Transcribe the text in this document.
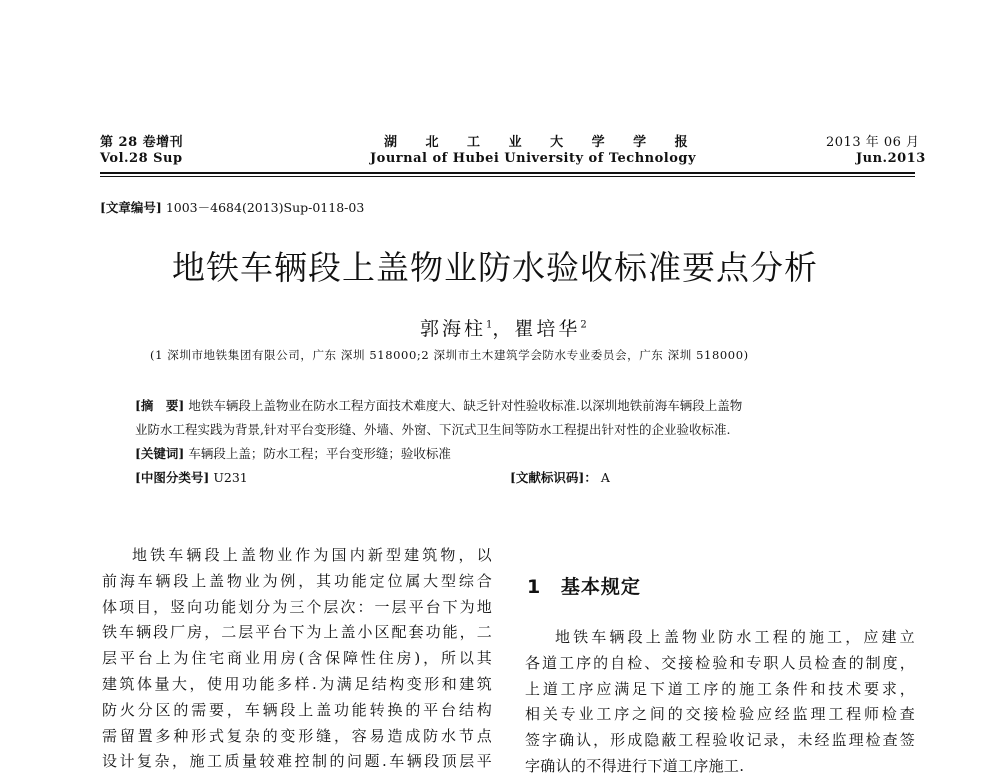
第 28 卷增刊
Vol.28 Sup
湖 北 工 业 大 学 学 报
Journal of Hubei University of Technology
2013 年 06 月
Jun.2013
[文章编号] 1003－4684(2013)Sup-0118-03
地铁车辆段上盖物业防水验收标准要点分析
郭海柱$^1$，瞿培华$^2$
(1 深圳市地铁集团有限公司，广东 深圳 518000;2 深圳市土木建筑学会防水专业委员会，广东 深圳 518000)
[摘　要] 地铁车辆段上盖物业在防水工程方面技术难度大、缺乏针对性验收标准.以深圳地铁前海车辆段上盖物
业防水工程实践为背景,针对平台变形缝、外墙、外窗、下沉式卫生间等防水工程提出针对性的企业验收标准.
[关键词] 车辆段上盖；防水工程；平台变形缝；验收标准
[中图分类号] U231	[文献标识码]： A

地铁车辆段上盖物业作为国内新型建筑物，以

前海车辆段上盖物业为例，其功能定位属大型综合

体项目，竖向功能划分为三个层次：一层平台下为地

铁车辆段厂房，二层平台下为上盖小区配套功能，二

层平台上为住宅商业用房(含保障性住房)，所以其

建筑体量大，使用功能多样.为满足结构变形和建筑

防火分区的需要，车辆段上盖功能转换的平台结构

需留置多种形式复杂的变形缝，容易造成防水节点

设计复杂，施工质量较难控制的问题.车辆段顶层平

1 基本规定

地铁车辆段上盖物业防水工程的施工，应建立

各道工序的自检、交接检验和专职人员检查的制度，

上道工序应满足下道工序的施工条件和技术要求，

相关专业工序之间的交接检验应经监理工程师检查

签字确认，形成隐蔽工程验收记录，未经监理检查签

字确认的不得进行下道工序施工.
